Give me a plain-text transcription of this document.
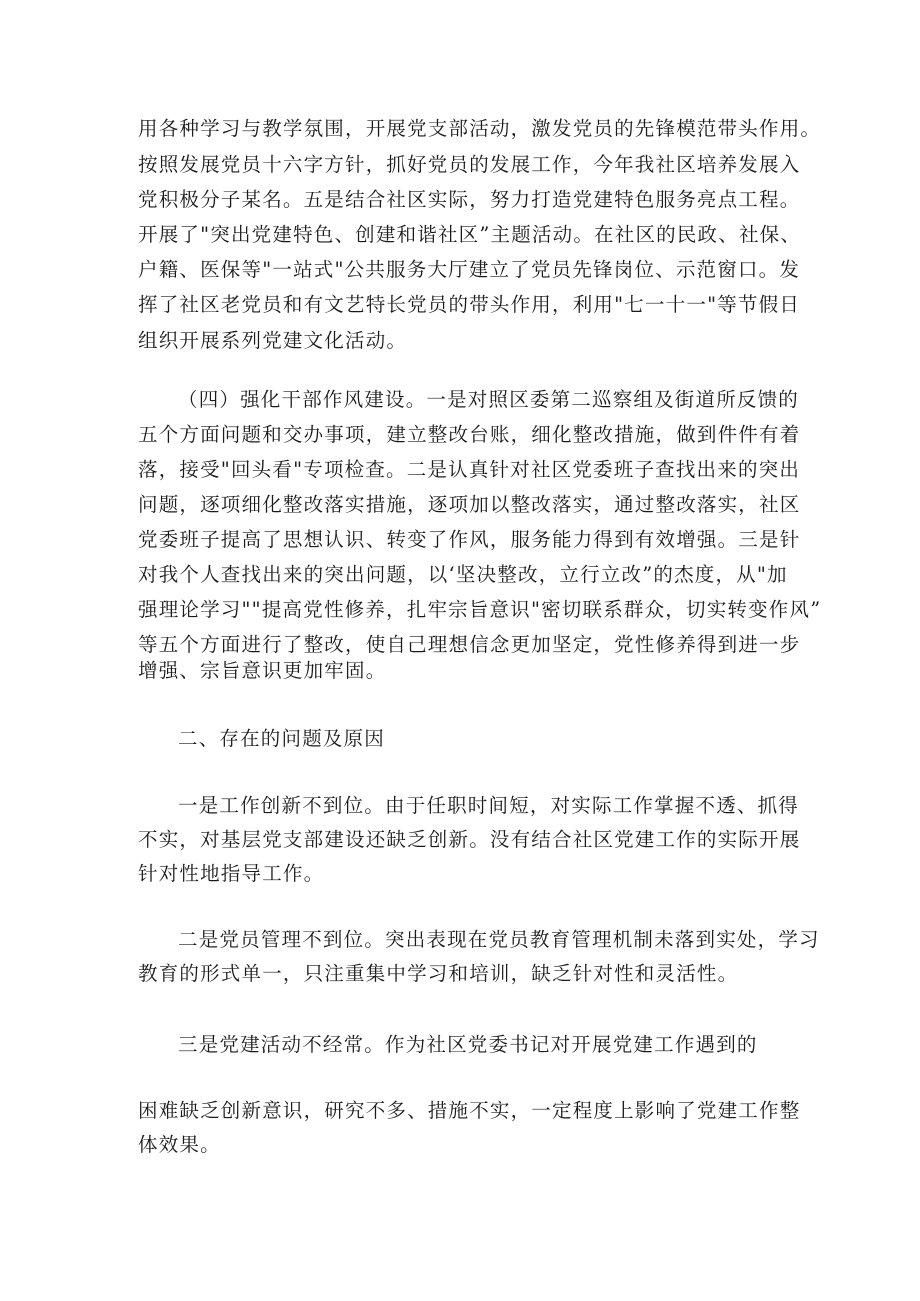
用各种学习与教学氛围，开展党支部活动，激发党员的先锋模范带头作用。

按照发展党员十六字方针，抓好党员的发展工作，今年我社区培养发展入

党积极分子某名。五是结合社区实际，努力打造党建特色服务亮点工程。

开展了"突出党建特色、创建和谐社区”主题活动。在社区的民政、社保、

户籍、医保等"一站式"公共服务大厅建立了党员先锋岗位、示范窗口。发

挥了社区老党员和有文艺特长党员的带头作用，利用"七一十一"等节假日

组织开展系列党建文化活动。

（四）强化干部作风建设。一是对照区委第二巡察组及街道所反馈的

五个方面问题和交办事项，建立整改台账，细化整改措施，做到件件有着

落，接受"回头看"专项检查。二是认真针对社区党委班子查找出来的突出

问题，逐项细化整改落实措施，逐项加以整改落实，通过整改落实，社区

党委班子提高了思想认识、转变了作风，服务能力得到有效增强。三是针

对我个人查找出来的突出问题，以‘坚决整改，立行立改”的杰度，从"加

强理论学习""提高党性修养，扎牢宗旨意识"密切联系群众，切实转变作风”

等五个方面进行了整改，使自己理想信念更加坚定，党性修养得到进一步

增强、宗旨意识更加牢固。

二、存在的问题及原因

一是工作创新不到位。由于任职时间短，对实际工作掌握不透、抓得

不实，对基层党支部建设还缺乏创新。没有结合社区党建工作的实际开展

针对性地指导工作。

二是党员管理不到位。突出表现在党员教育管理机制未落到实处，学习

教育的形式单一，只注重集中学习和培训，缺乏针对性和灵活性。

三是党建活动不经常。作为社区党委书记对开展党建工作遇到的

困难缺乏创新意识，研究不多、措施不实，一定程度上影响了党建工作整

体效果。
